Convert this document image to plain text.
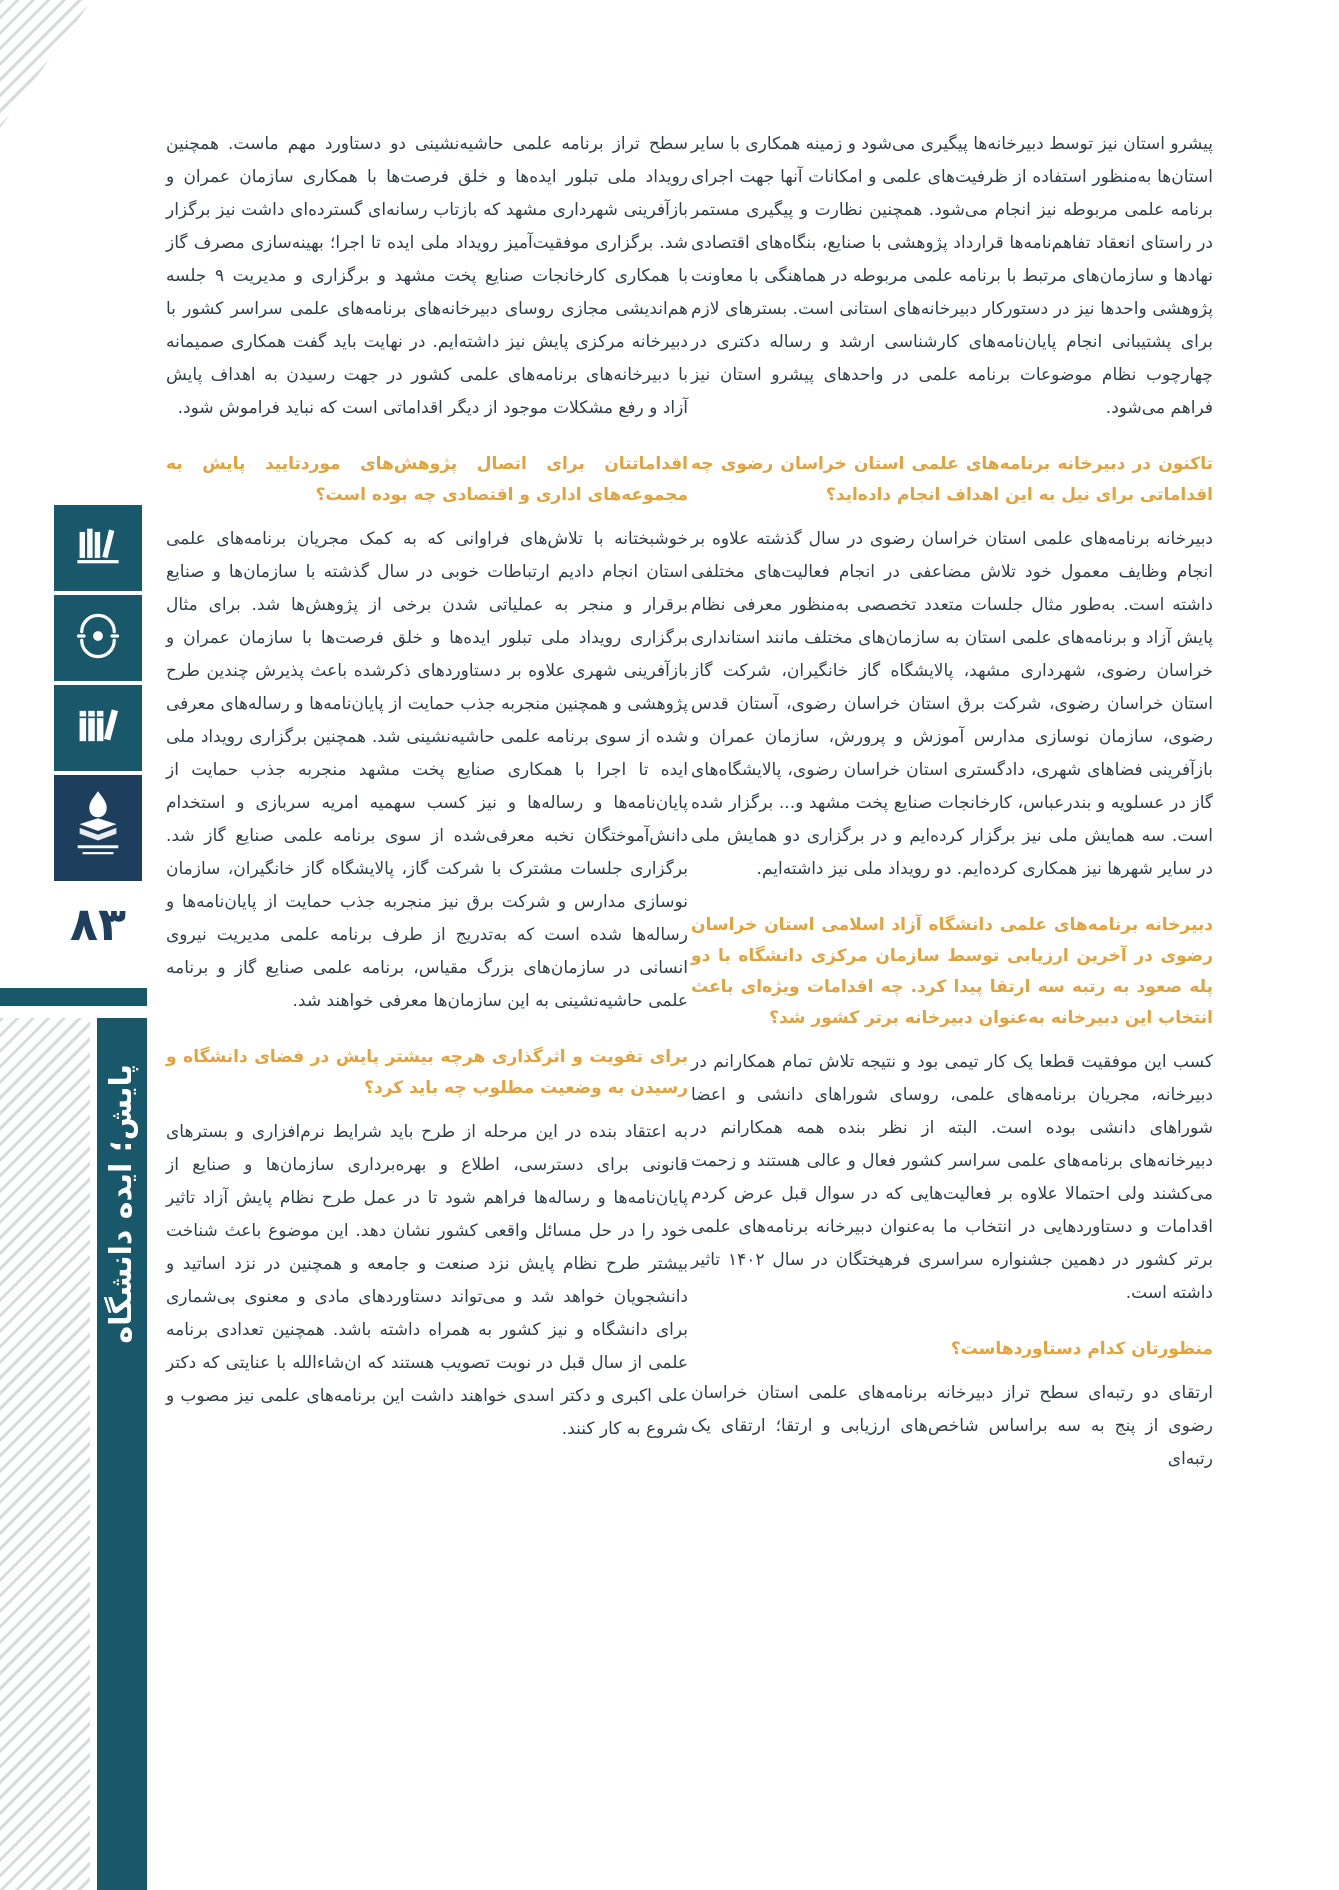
۸۳
پایش؛ ایده دانشگاه

پیشرو استان نیز توسط دبیرخانه‌ها پیگیری می‌شود و زمینه همکاری با سایر استان‌ها به‌منظور استفاده از ظرفیت‌های علمی و امکانات آنها جهت اجرای برنامه علمی مربوطه نیز انجام می‌شود. همچنین نظارت و پیگیری مستمر در راستای انعقاد تفاهم‌نامه‌ها قرارداد پژوهشی با صنایع، بنگاه‌های اقتصادی نهادها و سازمان‌های مرتبط با برنامه علمی مربوطه در هماهنگی با معاونت پژوهشی واحدها نیز در دستورکار دبیرخانه‌های استانی است. بسترهای لازم برای پشتیبانی انجام پایان‌نامه‌های کارشناسی ارشد و رساله دکتری در چهارچوب نظام موضوعات برنامه علمی در واحدهای پیشرو استان نیز فراهم می‌شود.

تاکنون در دبیرخانه برنامه‌های علمی استان خراسان رضوی چه اقداماتی برای نیل به این اهداف انجام داده‌اید؟

دبیرخانه برنامه‌های علمی استان خراسان رضوی در سال گذشته علاوه بر انجام وظایف معمول خود تلاش مضاعفی در انجام فعالیت‌های مختلفی داشته است. به‌طور مثال جلسات متعدد تخصصی به‌منظور معرفی نظام پایش آزاد و برنامه‌های علمی استان به سازمان‌های مختلف مانند استانداری خراسان رضوی، شهرداری مشهد، پالایشگاه گاز خانگیران، شرکت گاز استان خراسان رضوی، شرکت برق استان خراسان رضوی، آستان قدس رضوی، سازمان نوسازی مدارس آموزش و پرورش، سازمان عمران و بازآفرینی فضاهای شهری، دادگستری استان خراسان رضوی، پالایشگاه‌های گاز در عسلویه و بندرعباس، کارخانجات صنایع پخت مشهد و... برگزار شده است. سه همایش ملی نیز برگزار کرده‌ایم و در برگزاری دو همایش ملی در سایر شهرها نیز همکاری کرده‌ایم. دو رویداد ملی نیز داشته‌ایم.

دبیرخانه برنامه‌های علمی دانشگاه آزاد اسلامی استان خراسان رضوی در آخرین ارزیابی توسط سازمان مرکزی دانشگاه با دو پله صعود به رتبه سه ارتقا پیدا کرد. چه اقدامات ویژه‌ای باعث انتخاب این دبیرخانه به‌عنوان دبیرخانه برتر کشور شد؟

کسب این موفقیت قطعا یک کار تیمی بود و نتیجه تلاش تمام همکارانم در دبیرخانه، مجریان برنامه‌های علمی، روسای شوراهای دانشی و اعضا شوراهای دانشی بوده است. البته از نظر بنده همه همکارانم در دبیرخانه‌های برنامه‌های علمی سراسر کشور فعال و عالی هستند و زحمت می‌کشند ولی احتمالا علاوه بر فعالیت‌هایی که در سوال قبل عرض کردم اقدامات و دستاوردهایی در انتخاب ما به‌عنوان دبیرخانه برنامه‌های علمی برتر کشور در دهمین جشنواره سراسری فرهیختگان در سال ۱۴۰۲ تاثیر داشته است.

منظورتان کدام دستاوردهاست؟

ارتقای دو رتبه‌ای سطح تراز دبیرخانه برنامه‌های علمی استان خراسان رضوی از پنج به سه براساس شاخص‌های ارزیابی و ارتقا؛ ارتقای یک رتبه‌ای

سطح تراز برنامه علمی حاشیه‌نشینی دو دستاورد مهم ماست. همچنین رویداد ملی تبلور ایده‌ها و خلق فرصت‌ها با همکاری سازمان عمران و بازآفرینی شهرداری مشهد که بازتاب رسانه‌ای گسترده‌ای داشت نیز برگزار شد. برگزاری موفقیت‌آمیز رویداد ملی ایده تا اجرا؛ بهینه‌سازی مصرف گاز با همکاری کارخانجات صنایع پخت مشهد و برگزاری و مدیریت ۹ جلسه هم‌اندیشی مجازی روسای دبیرخانه‌های برنامه‌های علمی سراسر کشور با دبیرخانه مرکزی پایش نیز داشته‌ایم. در نهایت باید گفت همکاری صمیمانه با دبیرخانه‌های برنامه‌های علمی کشور در جهت رسیدن به اهداف پایش آزاد و رفع مشکلات موجود از دیگر اقداماتی است که نباید فراموش شود.

اقداماتتان برای اتصال پژوهش‌های موردتایید پایش به مجموعه‌های اداری و اقتصادی چه بوده است؟

خوشبختانه با تلاش‌های فراوانی که به کمک مجریان برنامه‌های علمی استان انجام دادیم ارتباطات خوبی در سال گذشته با سازمان‌ها و صنایع برقرار و منجر به عملیاتی شدن برخی از پژوهش‌ها شد. برای مثال برگزاری رویداد ملی تبلور ایده‌ها و خلق فرصت‌ها با سازمان عمران و بازآفرینی شهری علاوه بر دستاوردهای ذکرشده باعث پذیرش چندین طرح پژوهشی و همچنین منجربه جذب حمایت از پایان‌نامه‌ها و رساله‌های معرفی شده از سوی برنامه علمی حاشیه‌نشینی شد. همچنین برگزاری رویداد ملی ایده تا اجرا با همکاری صنایع پخت مشهد منجربه جذب حمایت از پایان‌نامه‌ها و رساله‌ها و نیز کسب سهمیه امریه سربازی و استخدام دانش‌آموختگان نخبه معرفی‌شده از سوی برنامه علمی صنایع گاز شد. برگزاری جلسات مشترک با شرکت گاز، پالایشگاه گاز خانگیران، سازمان نوسازی مدارس و شرکت برق نیز منجربه جذب حمایت از پایان‌نامه‌ها و رساله‌ها شده است که به‌تدریج از طرف برنامه علمی مدیریت نیروی انسانی در سازمان‌های بزرگ مقیاس، برنامه علمی صنایع گاز و برنامه علمی حاشیه‌نشینی به این سازمان‌ها معرفی خواهند شد.

برای تقویت و اثرگذاری هرچه بیشتر پایش در فضای دانشگاه و رسیدن به وضعیت مطلوب چه باید کرد؟

به اعتقاد بنده در این مرحله از طرح باید شرایط نرم‌افزاری و بسترهای قانونی برای دسترسی، اطلاع و بهره‌برداری سازمان‌ها و صنایع از پایان‌نامه‌ها و رساله‌ها فراهم شود تا در عمل طرح نظام پایش آزاد تاثیر خود را در حل مسائل واقعی کشور نشان دهد. این موضوع باعث شناخت بیشتر طرح نظام پایش نزد صنعت و جامعه و همچنین در نزد اساتید و دانشجویان خواهد شد و می‌تواند دستاوردهای مادی و معنوی بی‌شماری برای دانشگاه و نیز کشور به همراه داشته باشد. همچنین تعدادی برنامه علمی از سال قبل در نوبت تصویب هستند که ان‌شاءالله با عنایتی که دکتر علی اکبری و دکتر اسدی خواهند داشت این برنامه‌های علمی نیز مصوب و شروع به کار کنند.
